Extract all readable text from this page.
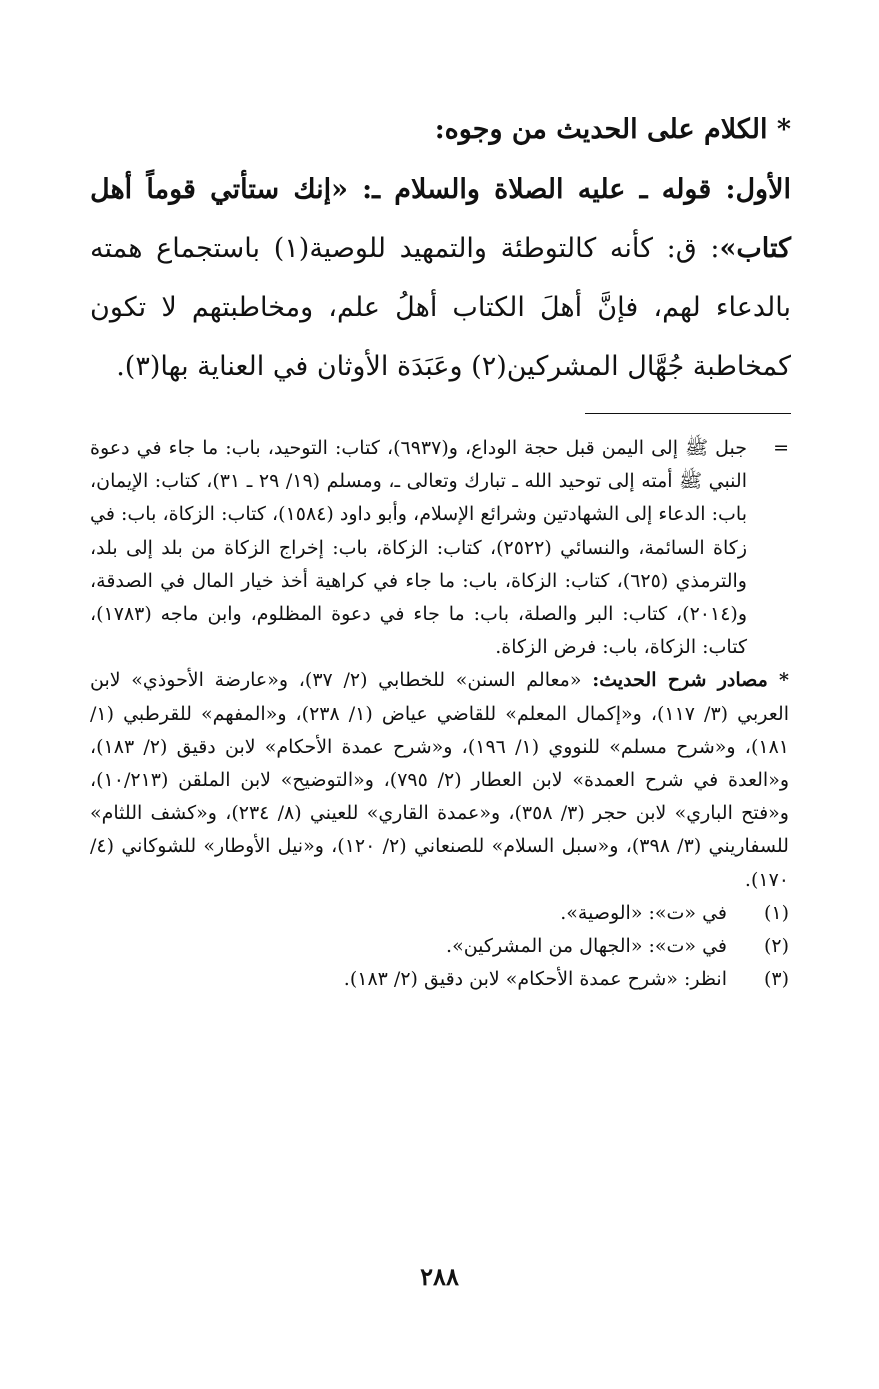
* الكلام على الحديث من وجوه:

الأول: قوله ـ عليه الصلاة والسلام ـ: «إنك ستأتي قوماً أهل كتاب»: ق: كأنه كالتوطئة والتمهيد للوصية(١) باستجماع همته بالدعاء لهم، فإنَّ أهلَ الكتاب أهلُ علم، ومخاطبتهم لا تكون كمخاطبة جُهَّال المشركين(٢) وعَبَدَة الأوثان في العناية بها(٣).

=
جبل ﷺ إلى اليمن قبل حجة الوداع، و(٦٩٣٧)، كتاب: التوحيد، باب: ما جاء في دعوة النبي ﷺ أمته إلى توحيد الله ـ تبارك وتعالى ـ، ومسلم (١٩/ ٢٩ ـ ٣١)، كتاب: الإيمان، باب: الدعاء إلى الشهادتين وشرائع الإسلام، وأبو داود (١٥٨٤)، كتاب: الزكاة، باب: في زكاة السائمة، والنسائي (٢٥٢٢)، كتاب: الزكاة، باب: إخراج الزكاة من بلد إلى بلد، والترمذي (٦٢٥)، كتاب: الزكاة، باب: ما جاء في كراهية أخذ خيار المال في الصدقة، و(٢٠١٤)، كتاب: البر والصلة، باب: ما جاء في دعوة المظلوم، وابن ماجه (١٧٨٣)، كتاب: الزكاة، باب: فرض الزكاة.

* مصادر شرح الحديث: «معالم السنن» للخطابي (٢/ ٣٧)، و«عارضة الأحوذي» لابن العربي (٣/ ١١٧)، و«إكمال المعلم» للقاضي عياض (١/ ٢٣٨)، و«المفهم» للقرطبي (١/ ١٨١)، و«شرح مسلم» للنووي (١/ ١٩٦)، و«شرح عمدة الأحكام» لابن دقيق (٢/ ١٨٣)، و«العدة في شرح العمدة» لابن العطار (٢/ ٧٩٥)، و«التوضيح» لابن الملقن (١٠/٢١٣)، و«فتح الباري» لابن حجر (٣/ ٣٥٨)، و«عمدة القاري» للعيني (٨/ ٢٣٤)، و«كشف اللثام» للسفاريني (٣/ ٣٩٨)، و«سبل السلام» للصنعاني (٢/ ١٢٠)، و«نيل الأوطار» للشوكاني (٤/ ١٧٠).

(١)
في «ت»: «الوصية».

(٢)
في «ت»: «الجهال من المشركين».

(٣)
انظر: «شرح عمدة الأحكام» لابن دقيق (٢/ ١٨٣).

٢٨٨
